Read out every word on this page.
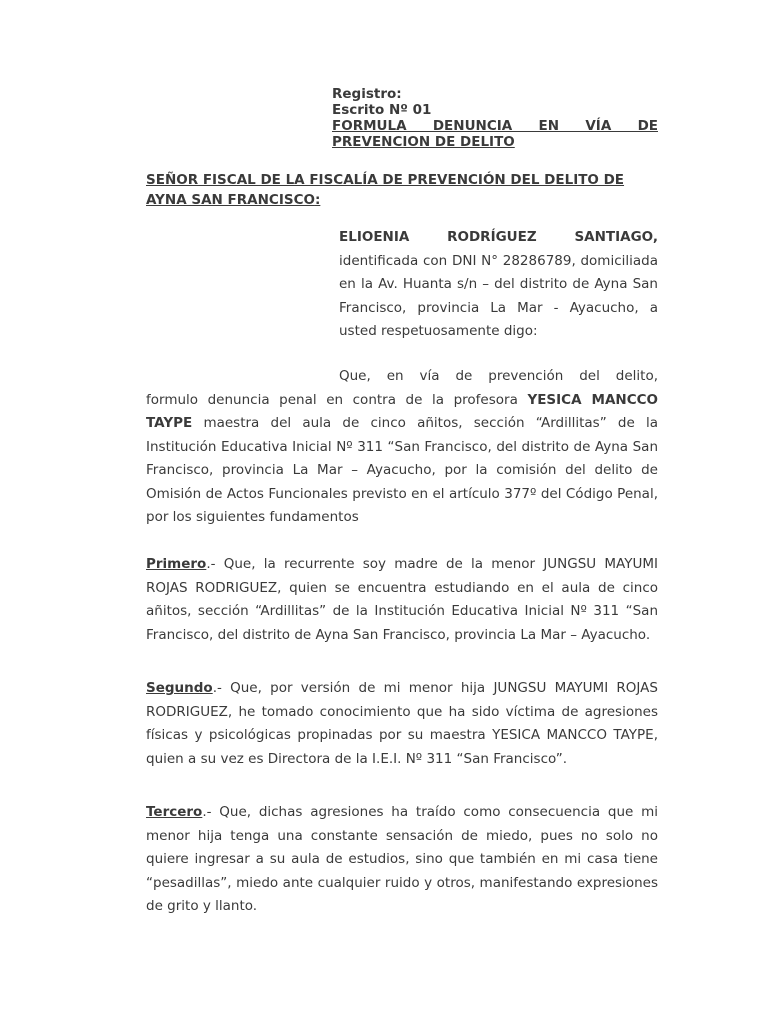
Registro:
Escrito Nº 01
FORMULA DENUNCIA EN VÍA DE
PREVENCION DE DELITO
SEÑOR FISCAL DE LA FISCALÍA DE PREVENCIÓN DEL DELITO DE AYNA SAN FRANCISCO:
ELIOENIA RODRÍGUEZ SANTIAGO,
identificada con DNI N° 28286789, domiciliada en la Av. Huanta s/n – del distrito de Ayna San Francisco, provincia La Mar - Ayacucho, a usted respetuosamente digo:
Que, en vía de prevención del delito,
formulo denuncia penal en contra de la profesora YESICA MANCCO TAYPE maestra del aula de cinco añitos, sección “Ardillitas” de la Institución Educativa Inicial Nº 311 “San Francisco, del distrito de Ayna San Francisco, provincia La Mar – Ayacucho, por la comisión del delito de Omisión de Actos Funcionales previsto en el artículo 377º del Código Penal, por los siguientes fundamentos
Primero.- Que, la recurrente soy madre de la menor JUNGSU MAYUMI ROJAS RODRIGUEZ, quien se encuentra estudiando en el aula de cinco añitos, sección “Ardillitas” de la Institución Educativa Inicial Nº 311 “San Francisco, del distrito de Ayna San Francisco, provincia La Mar – Ayacucho.
Segundo.- Que, por versión de mi menor hija JUNGSU MAYUMI ROJAS RODRIGUEZ, he tomado conocimiento que ha sido víctima de agresiones físicas y psicológicas propinadas por su maestra YESICA MANCCO TAYPE, quien a su vez es Directora de la I.E.I. Nº 311 “San Francisco”.
Tercero.- Que, dichas agresiones ha traído como consecuencia que mi menor hija tenga una constante sensación de miedo, pues no solo no quiere ingresar a su aula de estudios, sino que también en mi casa tiene “pesadillas”, miedo ante cualquier ruido y otros, manifestando expresiones de grito y llanto.
